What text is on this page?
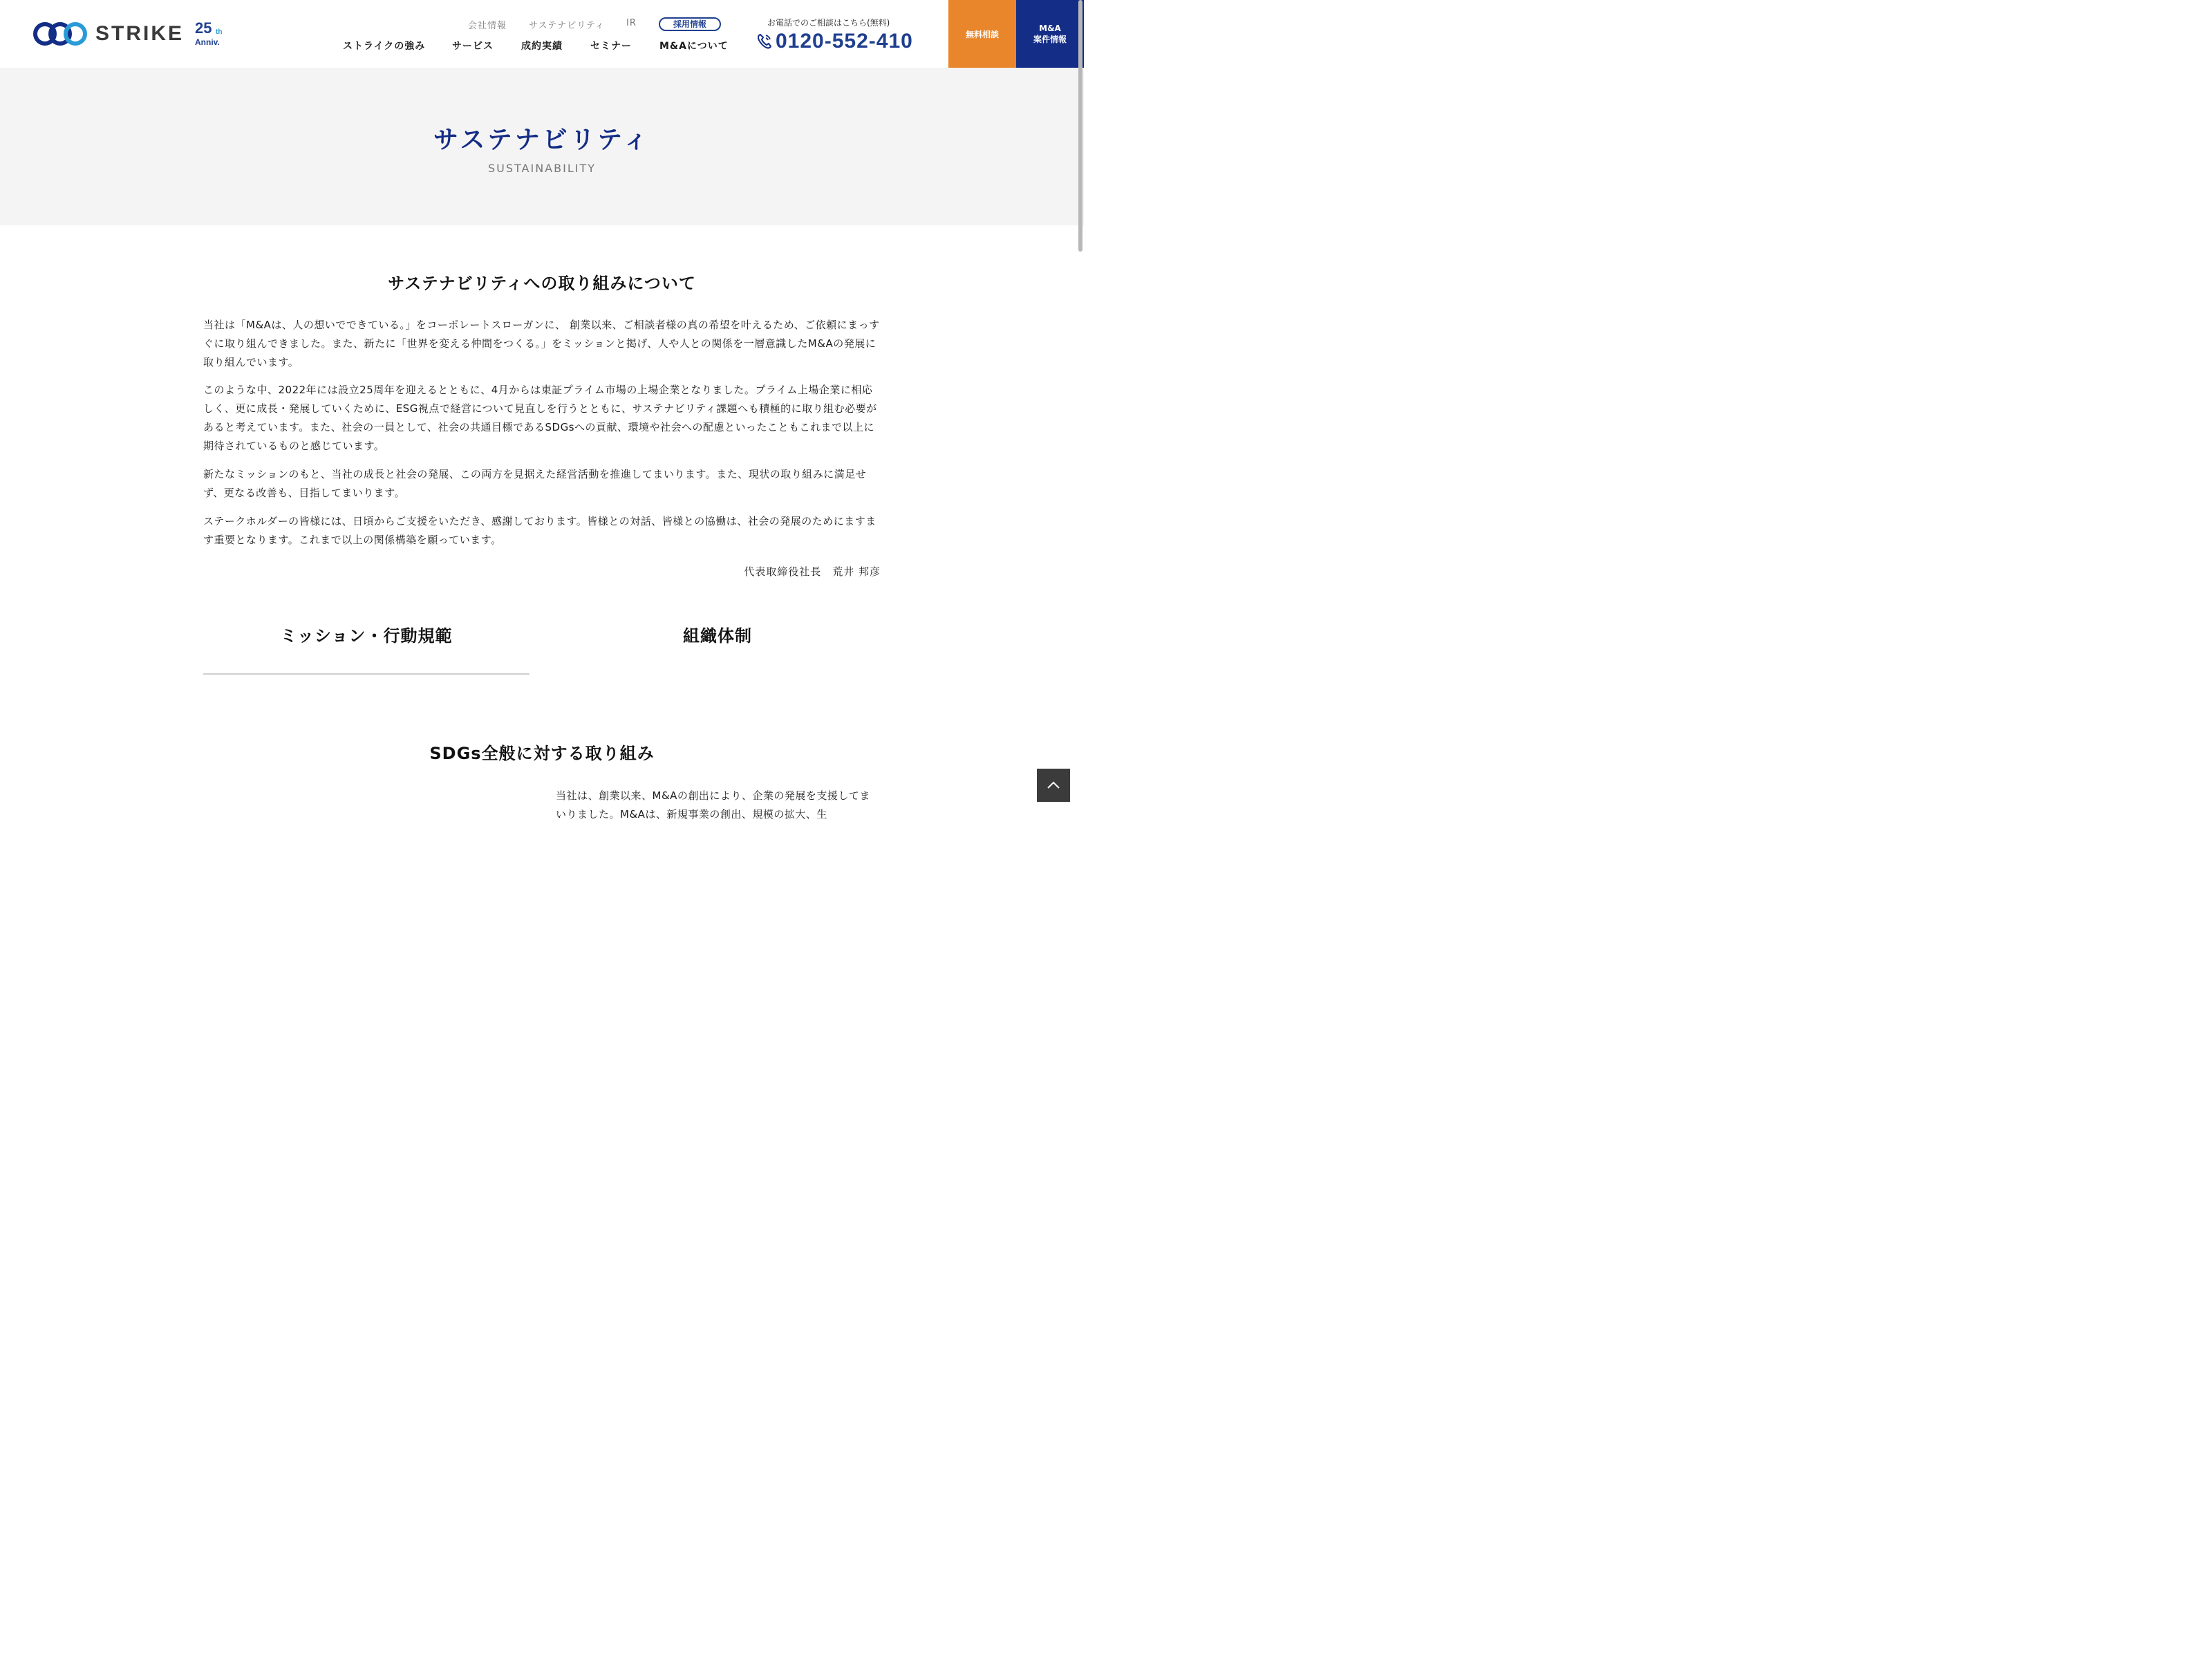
STRIKE 25 th
Anniv.
会社情報 サステナビリティ IR	採用情報
ストライクの強み	サービス	成約実績	セミナー	M&Aについて
お電話でのご相談はこちら(無料)
0120-552-410	無料相談
M&A
案件情報
サステナビリティ
SUSTAINABILITY
サステナビリティへの取り組みについて

当社は「M&Aは、人の想いでできている。」をコーポレートスローガンに、 創業以来、ご相談者様の真の希望を叶えるため、ご依頼にまっすぐに取り組んできました。また、新たに「世界を変える仲間をつくる。」をミッションと掲げ、人や人との関係を一層意識したM&Aの発展に取り組んでいます。

このような中、2022年には設立25周年を迎えるとともに、4月からは東証プライム市場の上場企業となりました。プライム上場企業に相応しく、更に成長・発展していくために、ESG視点で経営について見直しを行うとともに、サステナビリティ課題へも積極的に取り組む必要があると考えています。また、社会の一員として、社会の共通目標であるSDGsへの貢献、環境や社会への配慮といったこともこれまで以上に期待されているものと感じています。

新たなミッションのもと、当社の成長と社会の発展、この両方を見据えた経営活動を推進してまいります。また、現状の取り組みに満足せず、更なる改善も、目指してまいります。

ステークホルダーの皆様には、日頃からご支援をいただき、感謝しております。皆様との対話、皆様との協働は、社会の発展のためにますます重要となります。これまで以上の関係構築を願っています。

代表取締役社長　荒井 邦彦
ミッション・行動規範	組織体制
SDGs全般に対する取り組み

当社は、創業以来、M&Aの創出により、企業の発展を支援してまいりました。M&Aは、新規事業の創出、規模の拡大、生
